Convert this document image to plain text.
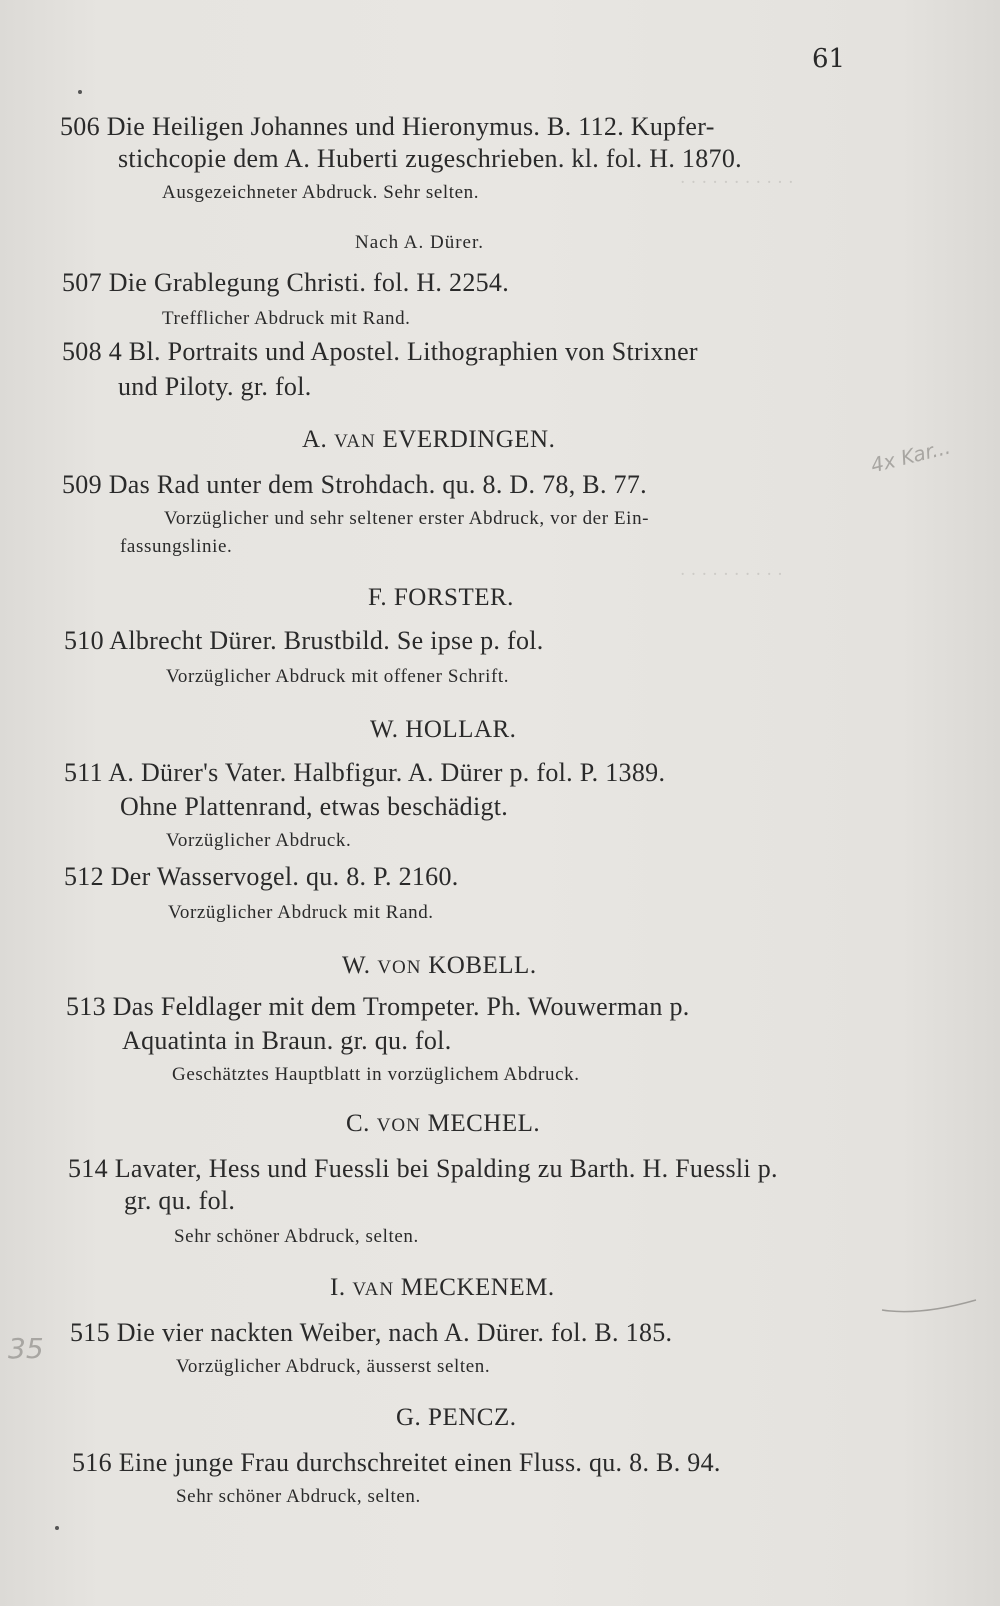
. . . . . . . . . . .
. . . . . . . . . .
61
506 Die Heiligen Johannes und Hieronymus. B. 112. Kupfer-
stichcopie dem A. Huberti zugeschrieben. kl. fol. H. 1870.
Ausgezeichneter Abdruck. Sehr selten.
Nach A. Dürer.
507 Die Grablegung Christi. fol. H. 2254.
Trefflicher Abdruck mit Rand.
508 4 Bl. Portraits und Apostel. Lithographien von Strixner
und Piloty. gr. fol.
A. VAN EVERDINGEN.
509 Das Rad unter dem Strohdach. qu. 8. D. 78, B. 77.
Vorzüglicher und sehr seltener erster Abdruck, vor der Ein-
fassungslinie.
F. FORSTER.
510 Albrecht Dürer. Brustbild. Se ipse p. fol.
Vorzüglicher Abdruck mit offener Schrift.
W. HOLLAR.
511 A. Dürer's Vater. Halbfigur. A. Dürer p. fol. P. 1389.
Ohne Plattenrand, etwas beschädigt.
Vorzüglicher Abdruck.
512 Der Wasservogel. qu. 8. P. 2160.
Vorzüglicher Abdruck mit Rand.
W. VON KOBELL.
513 Das Feldlager mit dem Trompeter. Ph. Wouwerman p.
Aquatinta in Braun. gr. qu. fol.
Geschätztes Hauptblatt in vorzüglichem Abdruck.
C. VON MECHEL.
514 Lavater, Hess und Fuessli bei Spalding zu Barth. H. Fuessli p.
gr. qu. fol.
Sehr schöner Abdruck, selten.
I. VAN MECKENEM.
515 Die vier nackten Weiber, nach A. Dürer. fol. B. 185.
Vorzüglicher Abdruck, äusserst selten.
G. PENCZ.
516 Eine junge Frau durchschreitet einen Fluss. qu. 8. B. 94.
Sehr schöner Abdruck, selten.
4x Kar...
35
